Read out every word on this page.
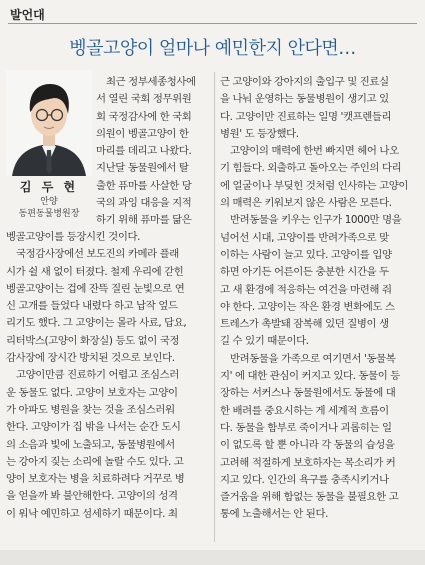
발언대
벵골고양이 얼마나 예민한지 안다면…
김 두 현
안양
동편동물병원장
최근 정부세종청사에
서 열린 국회 정무위원
회 국정감사에 한 국회
의원이 벵골고양이 한
마리를 데리고 나왔다.
지난달 동물원에서 탈
출한 퓨마를 사살한 당
국의 과잉 대응을 지적
하기 위해 퓨마를 닮은
벵골고양이를 등장시킨 것이다.
국정감사장에선 보도진의 카메라 플래
시가 쉴 새 없이 터졌다. 철제 우리에 갇힌
벵골고양이는 겁에 잔뜩 질린 눈빛으로 연
신 고개를 들었다 내렸다 하고 납작 엎드
리기도 했다. 그 고양이는 몰라 사료, 답요,
리터박스(고양이 화장실) 등도 없이 국정
감사장에 장시간 방치된 것으로 보인다.
고양이만큼 진료하기 어렵고 조심스러
운 동물도 없다. 고양이 보호자는 고양이
가 아파도 병원을 찾는 것을 조심스러워
한다. 고양이가 집 밖을 나서는 순간 도시
의 소음과 빛에 노출되고, 동물병원에서
는 강아지 짖는 소리에 놀랄 수도 있다. 고
양이 보호자는 병을 치료하려다 거꾸로 병
을 얻을까 봐 불안해한다. 고양이의 성격
이 워낙 예민하고 섬세하기 때문이다. 최
근 고양이와 강아지의 출입구 및 진료실
을 나눠 운영하는 동물병원이 생기고 있
다. 고양이만 진료하는 일명 '캣프렌들리
병원' 도 등장했다.
고양이의 매력에 한번 빠지면 헤어 나오
기 힘들다. 외출하고 돌아오는 주인의 다리
에 얼굴이나 부딪힌 것처럼 인사하는 고양이
의 매력은 키워보지 않은 사람은 모른다.
반려동물을 키우는 인구가 1000만 명을
넘어선 시대, 고양이를 반려가족으로 맞
이하는 사람이 늘고 있다. 고양이를 입양
하면 아기든 어른이든 충분한 시간을 두
고 새 환경에 적응하는 여건을 마련해 줘
야 한다. 고양이는 작은 환경 변화에도 스
트레스가 촉발돼 잠복해 있던 질병이 생
길 수 있기 때문이다.
반려동물을 가족으로 여기면서 '동물복
지' 에 대한 관심이 커지고 있다. 동물이 등
장하는 서커스나 동물원에서도 동물에 대
한 배려를 중요시하는 게 세계적 흐름이
다. 동물을 함부로 죽이거나 괴롭히는 일
이 없도록 할 뿐 아니라 각 동물의 습성을
고려해 적절하게 보호하자는 목소리가 커
지고 있다. 인간의 욕구를 충족시키거나
즐거움을 위해 함없는 동물을 불필요한 고
통에 노출해서는 안 된다.
